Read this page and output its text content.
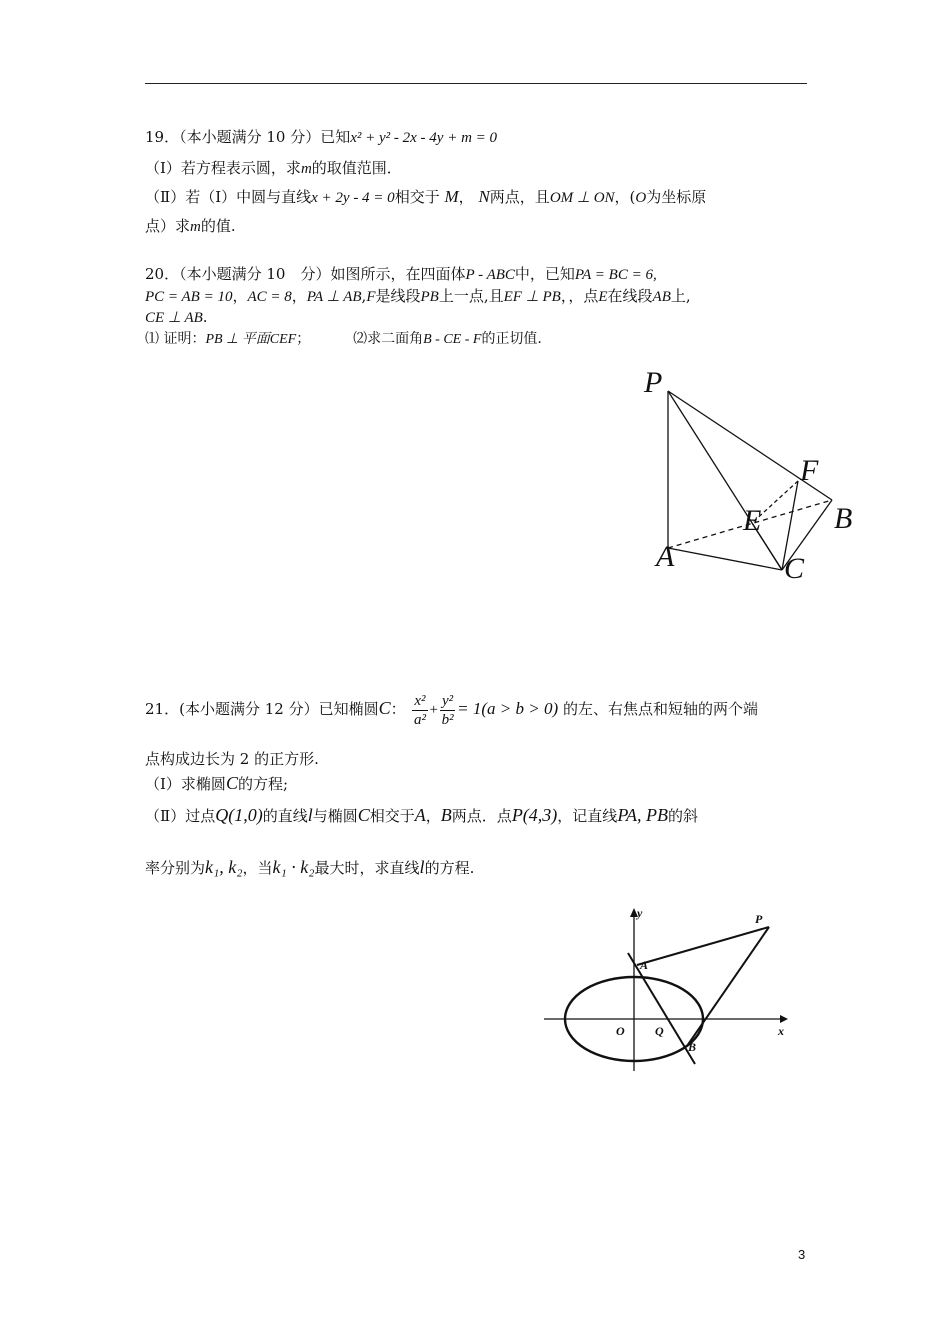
19．（本小题满分 10 分）已知x² + y² - 2x - 4y + m = 0
（Ⅰ）若方程表示圆，求m的取值范围．
（Ⅱ）若（Ⅰ）中圆与直线x + 2y - 4 = 0相交于 M， N两点，且OM ⊥ ON，(O为坐标原
点）求m的值.
20．（本小题满分 10　分）如图所示，在四面体P - ABC中，已知PA = BC = 6,
PC = AB = 10，AC = 8，PA ⊥ AB,F是线段PB上一点,且EF ⊥ PB，，点E在线段AB上,
CE ⊥ AB.
⑴ 证明：PB ⊥ 平面CEF；	⑵求二面角B - CE - F的正切值.
P
F
B
E
A	C
21．(本小题满分 12 分）已知椭圆C： $\frac{\text{x²}}{\text{a²}} + \frac{\text{y²}}{\text{b²}} = 1(a > b > 0)$ 的左、右焦点和短轴的两个端
点构成边长为 2 的正方形.
（Ⅰ）求椭圆C的方程;
（Ⅱ）过点Q(1,0)的直线l与椭圆C相交于A，B两点．点P(4,3)，记直线PA, PB的斜
率分别为k₁, k₂，当k₁ · k₂最大时，求直线l的方程.
y
x
P
A
O	Q
B
3
